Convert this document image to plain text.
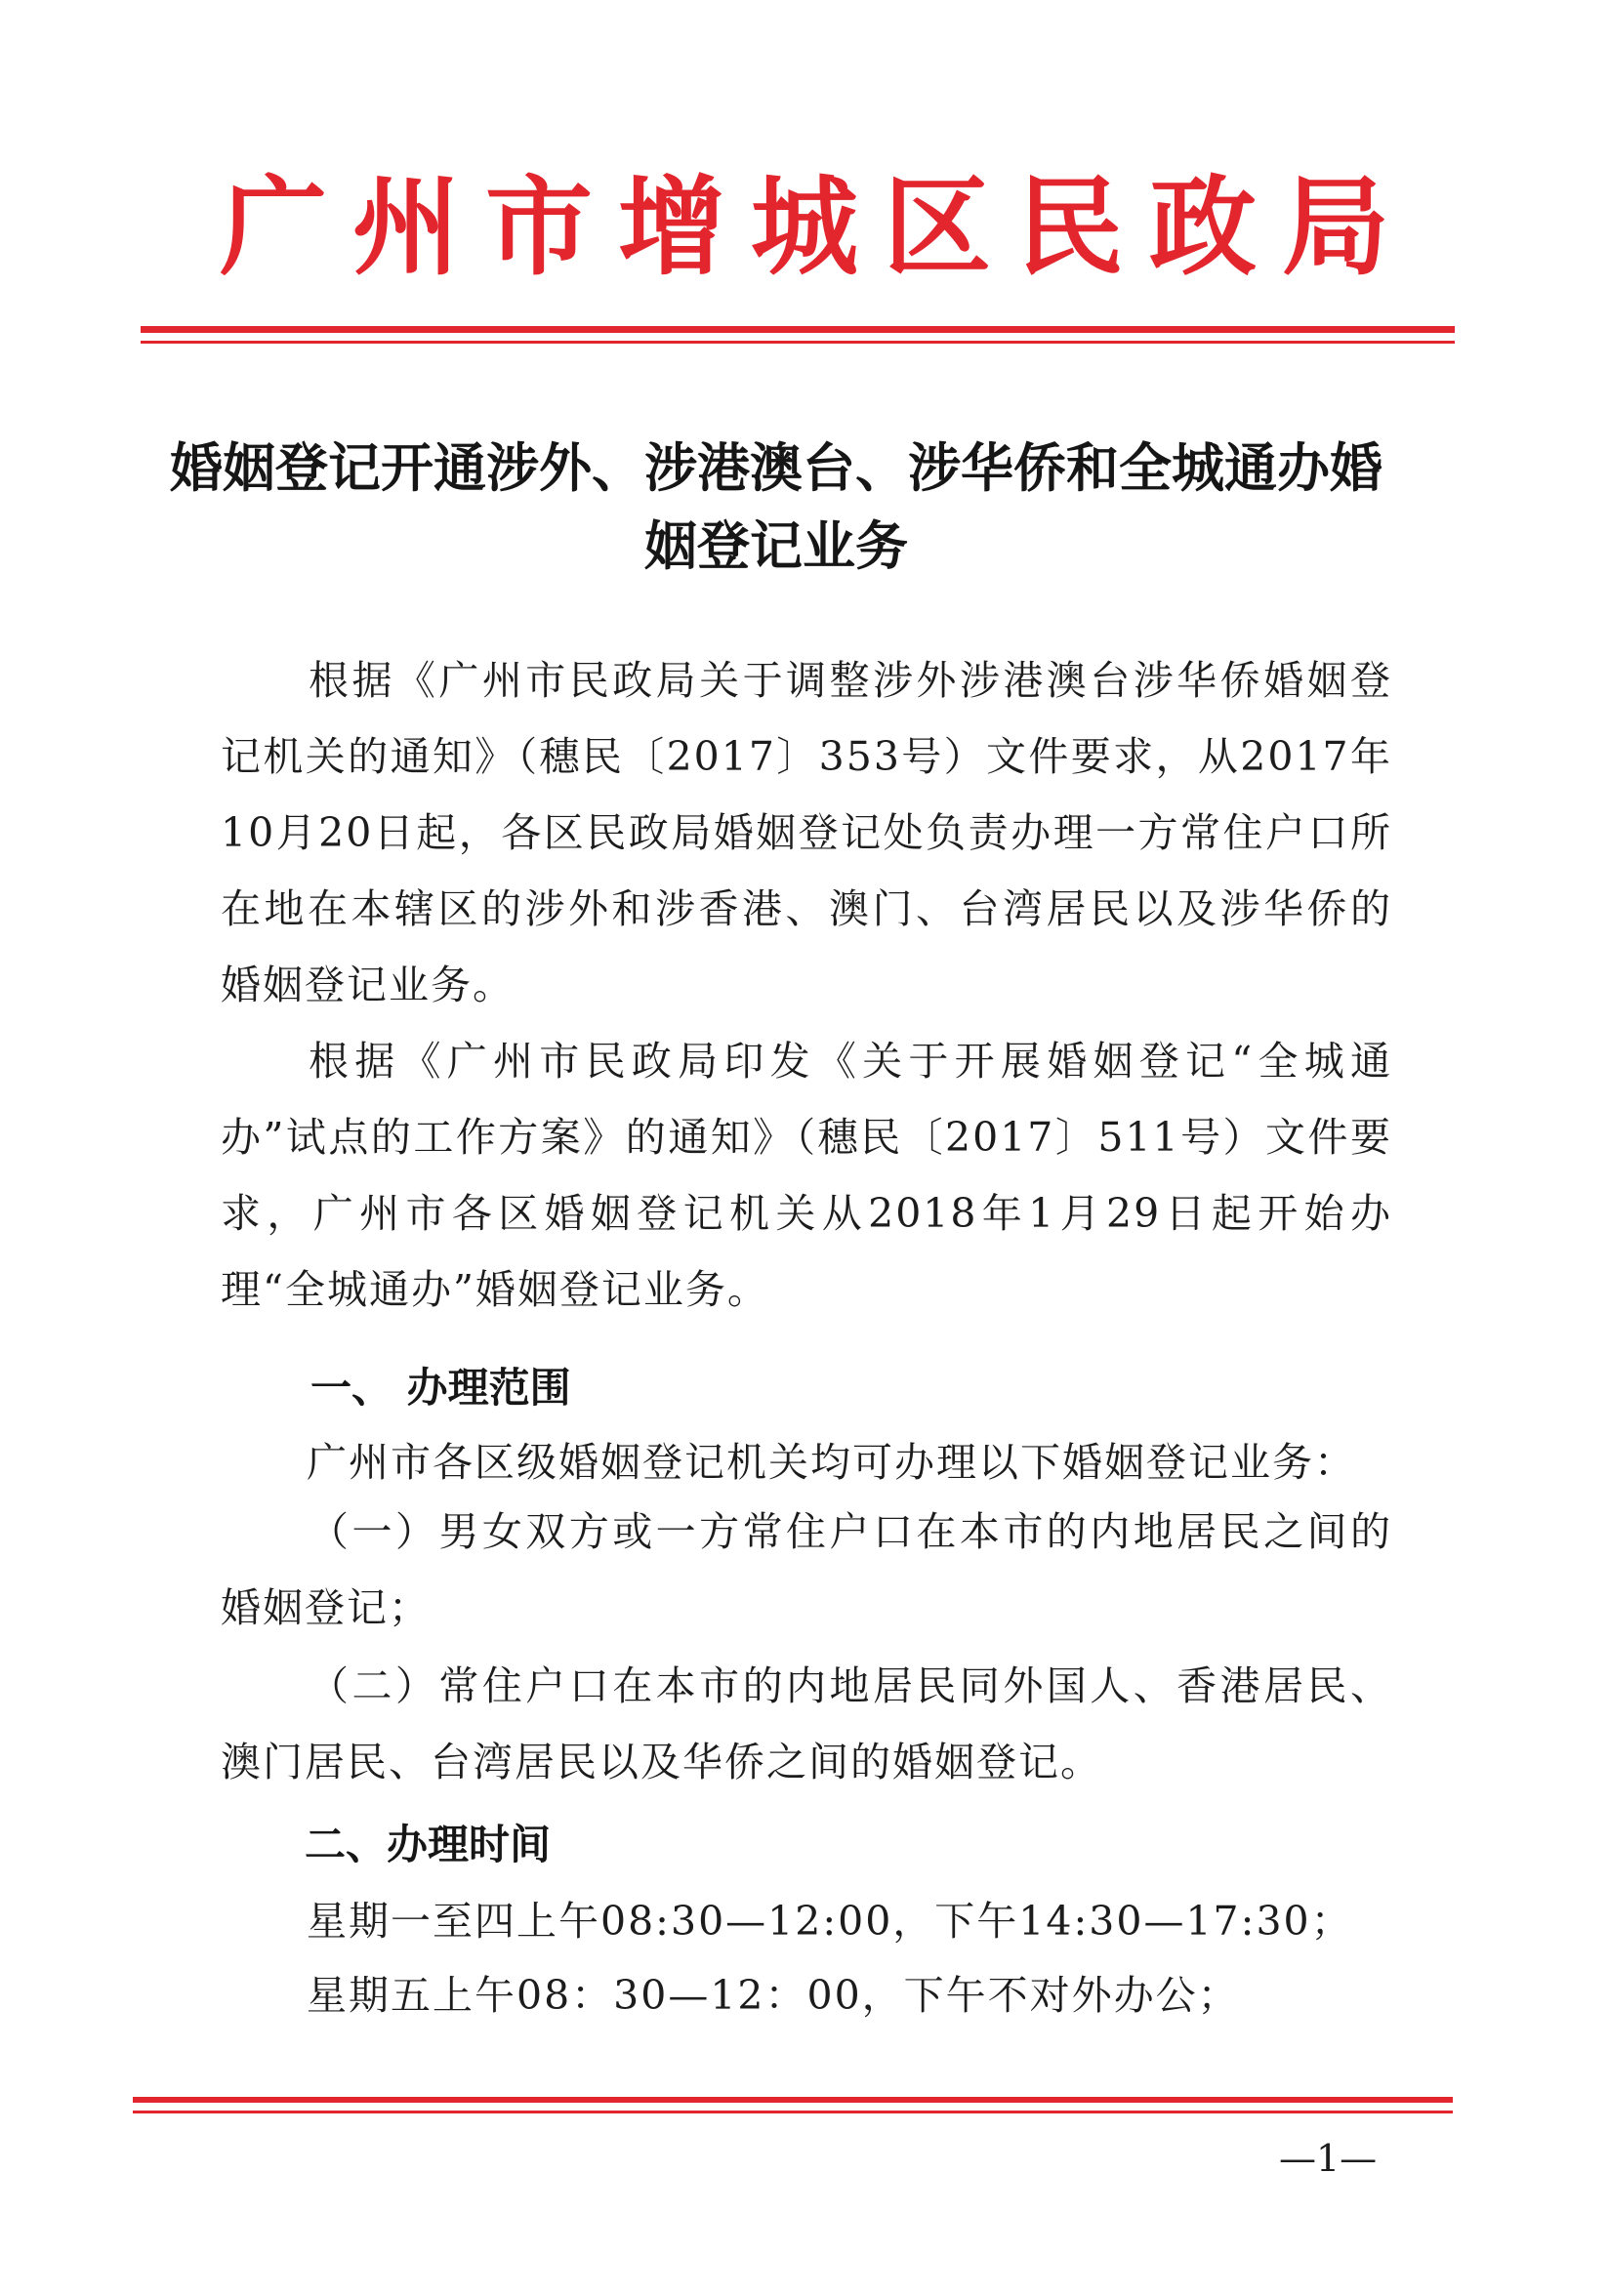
广州市增城区民政局
婚姻登记开通涉外、涉港澳台、涉华侨和全城通办婚姻登记业务
根据《广州市民政局关于调整涉外涉港澳台涉华侨婚姻登记机关的通知》（穗民〔2017〕353号）文件要求，从2017年10月20日起，各区民政局婚姻登记处负责办理一方常住户口所在地在本辖区的涉外和涉香港、澳门、台湾居民以及涉华侨的婚姻登记业务。
根据《广州市民政局印发《关于开展婚姻登记“全城通办”试点的工作方案》的通知》（穗民〔2017〕511号）文件要求，广州市各区婚姻登记机关从2018年1月29日起开始办理“全城通办”婚姻登记业务。
一、 办理范围
广州市各区级婚姻登记机关均可办理以下婚姻登记业务：
（一）男女双方或一方常住户口在本市的内地居民之间的婚姻登记；
（二）常住户口在本市的内地居民同外国人、香港居民、澳门居民、台湾居民以及华侨之间的婚姻登记。
二、办理时间
星期一至四上午08:30—12:00，下午14:30—17:30；
星期五上午08：30—12：00，下午不对外办公；
—1—
